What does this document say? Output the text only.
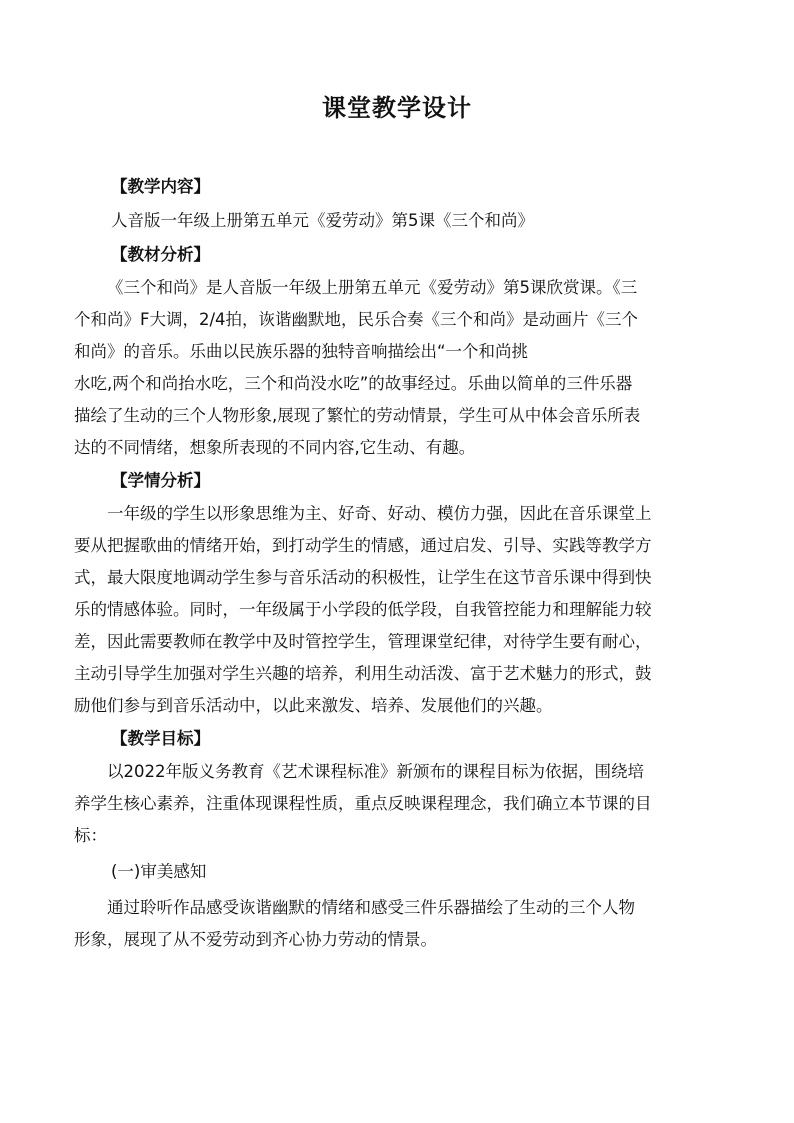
课堂教学设计
【教学内容】
人音版一年级上册第五单元《爱劳动》第5课《三个和尚》
【教材分析】
《三个和尚》是人音版一年级上册第五单元《爱劳动》第5课欣赏课。《三
个和尚》F大调，2/4拍，诙谐幽默地，民乐合奏《三个和尚》是动画片《三个
和尚》的音乐。乐曲以民族乐器的独特音响描绘出“一个和尚挑
水吃,两个和尚抬水吃，三个和尚没水吃”的故事经过。乐曲以简单的三件乐器
描绘了生动的三个人物形象,展现了繁忙的劳动情景，学生可从中体会音乐所表
达的不同情绪，想象所表现的不同内容,它生动、有趣。
【学情分析】
一年级的学生以形象思维为主、好奇、好动、模仿力强，因此在音乐课堂上
要从把握歌曲的情绪开始，到打动学生的情感，通过启发、引导、实践等教学方
式，最大限度地调动学生参与音乐活动的积极性，让学生在这节音乐课中得到快
乐的情感体验。同时，一年级属于小学段的低学段，自我管控能力和理解能力较
差，因此需要教师在教学中及时管控学生，管理课堂纪律，对待学生要有耐心，
主动引导学生加强对学生兴趣的培养，利用生动活泼、富于艺术魅力的形式，鼓
励他们参与到音乐活动中，以此来激发、培养、发展他们的兴趣。
【教学目标】
以2022年版义务教育《艺术课程标准》新颁布的课程目标为依据，围绕培
养学生核心素养，注重体现课程性质，重点反映课程理念，我们确立本节课的目
标：
(一)审美感知
通过聆听作品感受诙谐幽默的情绪和感受三件乐器描绘了生动的三个人物
形象，展现了从不爱劳动到齐心协力劳动的情景。
